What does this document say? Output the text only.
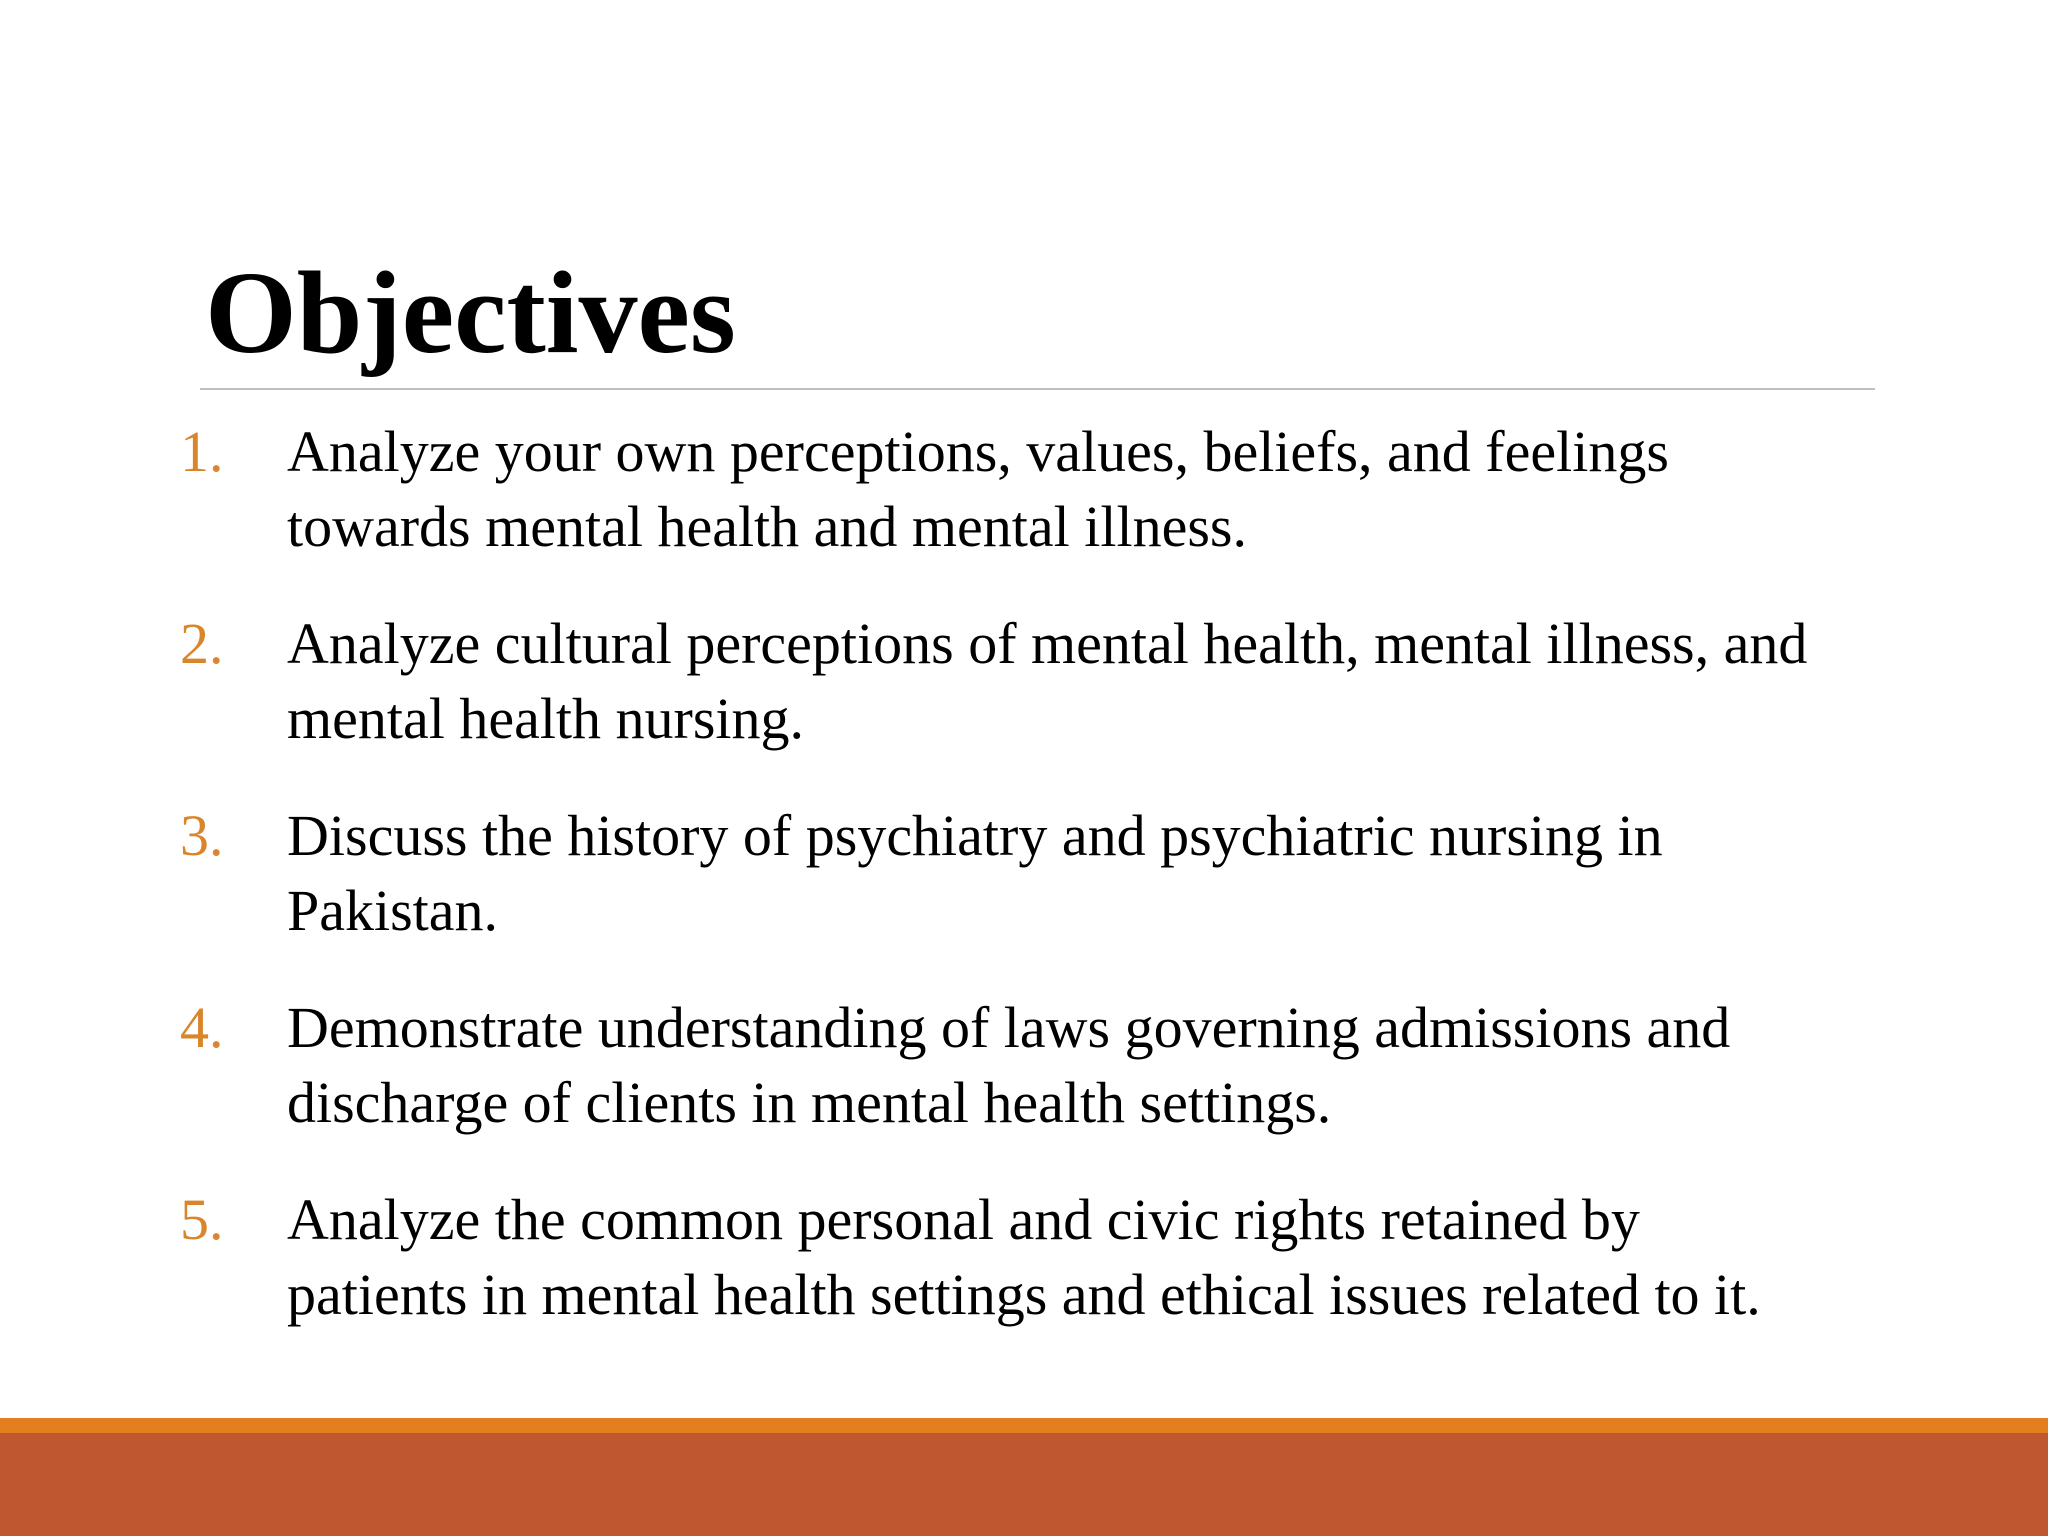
Objectives
1.	Analyze your own perceptions, values, beliefs, and feelings
towards mental health and mental illness.
2.	Analyze cultural perceptions of mental health, mental illness, and
mental health nursing.
3.	Discuss the history of psychiatry and psychiatric nursing in
Pakistan.
4.	Demonstrate understanding of laws governing admissions and
discharge of clients in mental health settings.
5.	Analyze the common personal and civic rights retained by
patients in mental health settings and ethical issues related to it.
